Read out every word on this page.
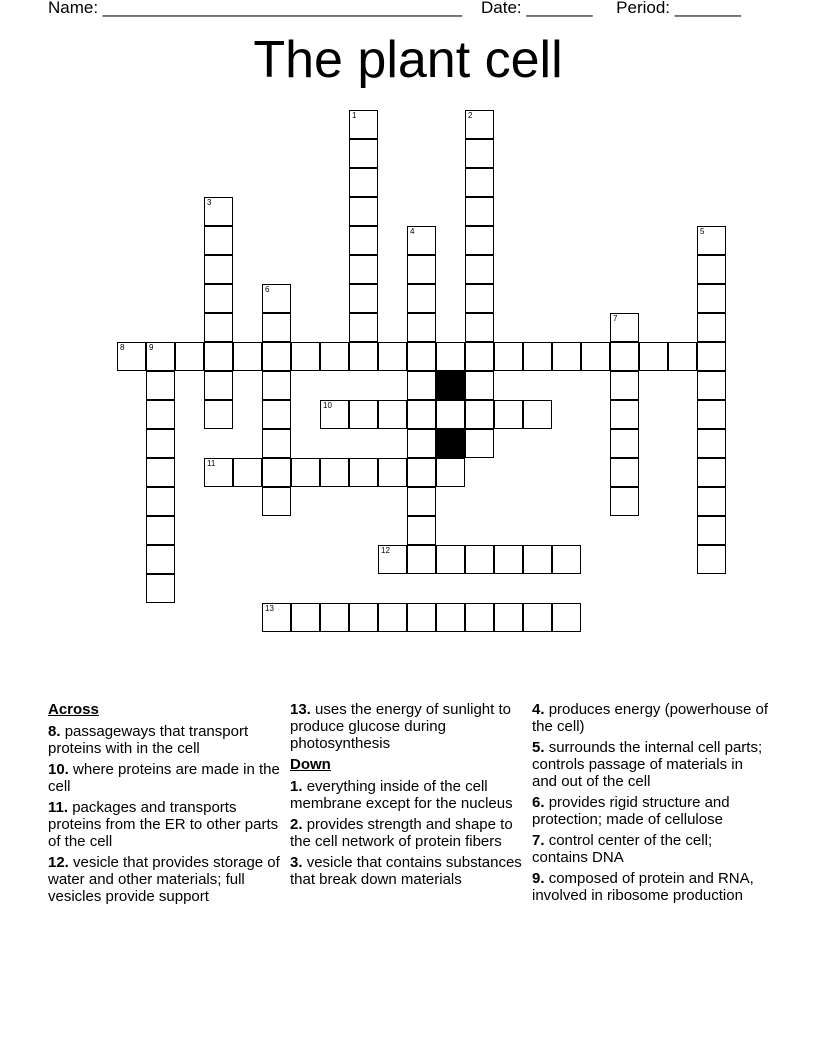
Name: ______________________________________ Date: _______ Period: _______
The plant cell
1	2
3
4	5
6
7
8	9
10
11
12
13
Across
8. passageways that transport proteins with in the cell
10. where proteins are made in the cell
11. packages and transports proteins from the ER to other parts of the cell
12. vesicle that provides storage of water and other materials; full vesicles provide support
13. uses the energy of sunlight to produce glucose during photosynthesis
Down
1. everything inside of the cell membrane except for the nucleus
2. provides strength and shape to the cell network of protein fibers
3. vesicle that contains substances that break down materials
4. produces energy (powerhouse of the cell)
5. surrounds the internal cell parts; controls passage of materials in and out of the cell
6. provides rigid structure and protection; made of cellulose
7. control center of the cell; contains DNA
9. composed of protein and RNA, involved in ribosome production
